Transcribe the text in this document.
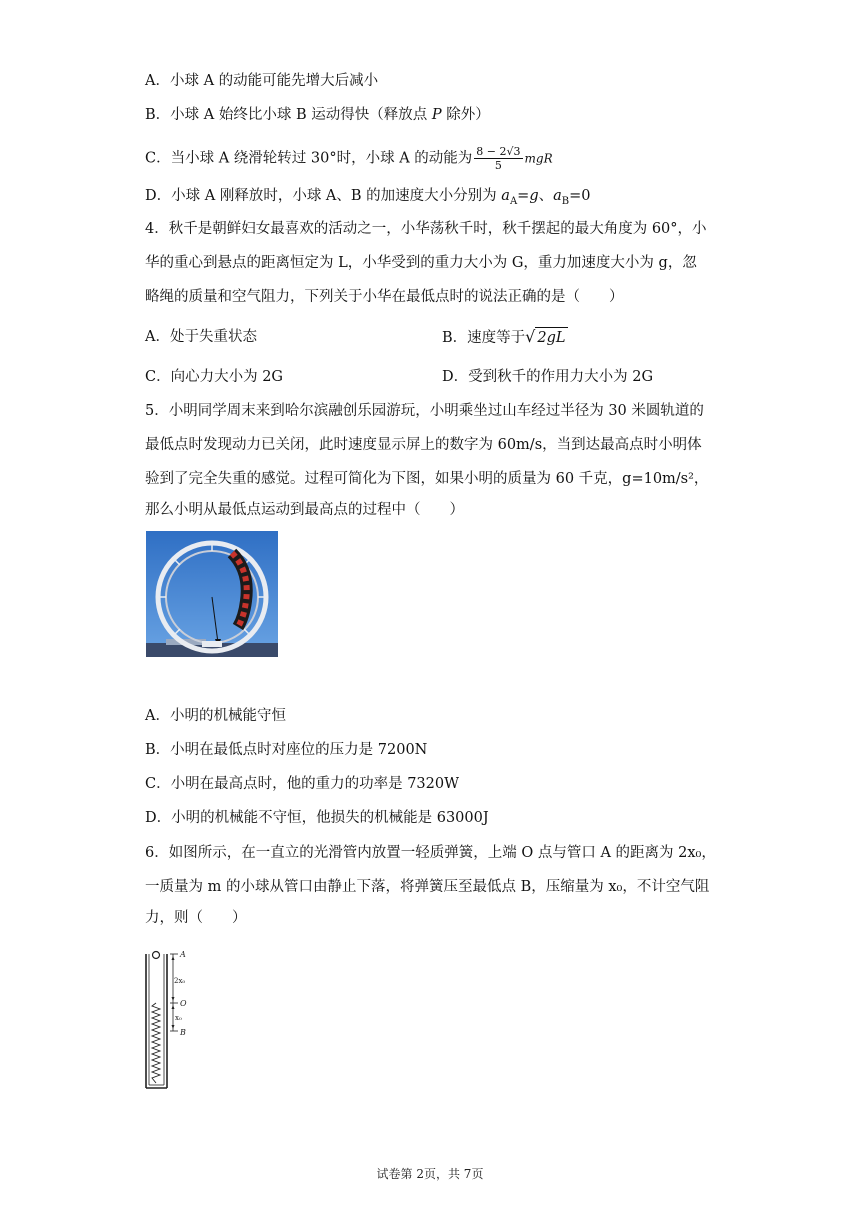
A．小球 A 的动能可能先增大后减小
B．小球 A 始终比小球 B 运动得快（释放点 P 除外）
C．当小球 A 绕滑轮转过 30°时，小球 A 的动能为 $\frac{8 - 2√3}{5}$ mgR
D．小球 A 刚释放时，小球 A、B 的加速度大小分别为 $a_A=g$、$a_B=0$
4．秋千是朝鲜妇女最喜欢的活动之一，小华荡秋千时，秋千摆起的最大角度为 60°，小
华的重心到悬点的距离恒定为 L，小华受到的重力大小为 G，重力加速度大小为 g，忽
略绳的质量和空气阻力，下列关于小华在最低点时的说法正确的是（　　）
A．处于失重状态	B．速度等于√ 2gL
C．向心力大小为 2G	D．受到秋千的作用力大小为 2G
5．小明同学周末来到哈尔滨融创乐园游玩，小明乘坐过山车经过半径为 30 米圆轨道的
最低点时发现动力已关闭，此时速度显示屏上的数字为 60m/s，当到达最高点时小明体
验到了完全失重的感觉。过程可简化为下图，如果小明的质量为 60 千克，g=10m/s²，
那么小明从最低点运动到最高点的过程中（　　）
A．小明的机械能守恒
B．小明在最低点时对座位的压力是 7200N
C．小明在最高点时，他的重力的功率是 7320W
D．小明的机械能不守恒，他损失的机械能是 63000J
6．如图所示，在一直立的光滑管内放置一轻质弹簧，上端 O 点与管口 A 的距离为 2x₀，
一质量为 m 的小球从管口由静止下落，将弹簧压至最低点 B，压缩量为 x₀，不计空气阻
力，则（　　）
A
2x₀
O
x₀
B
试卷第 2页，共 7页
